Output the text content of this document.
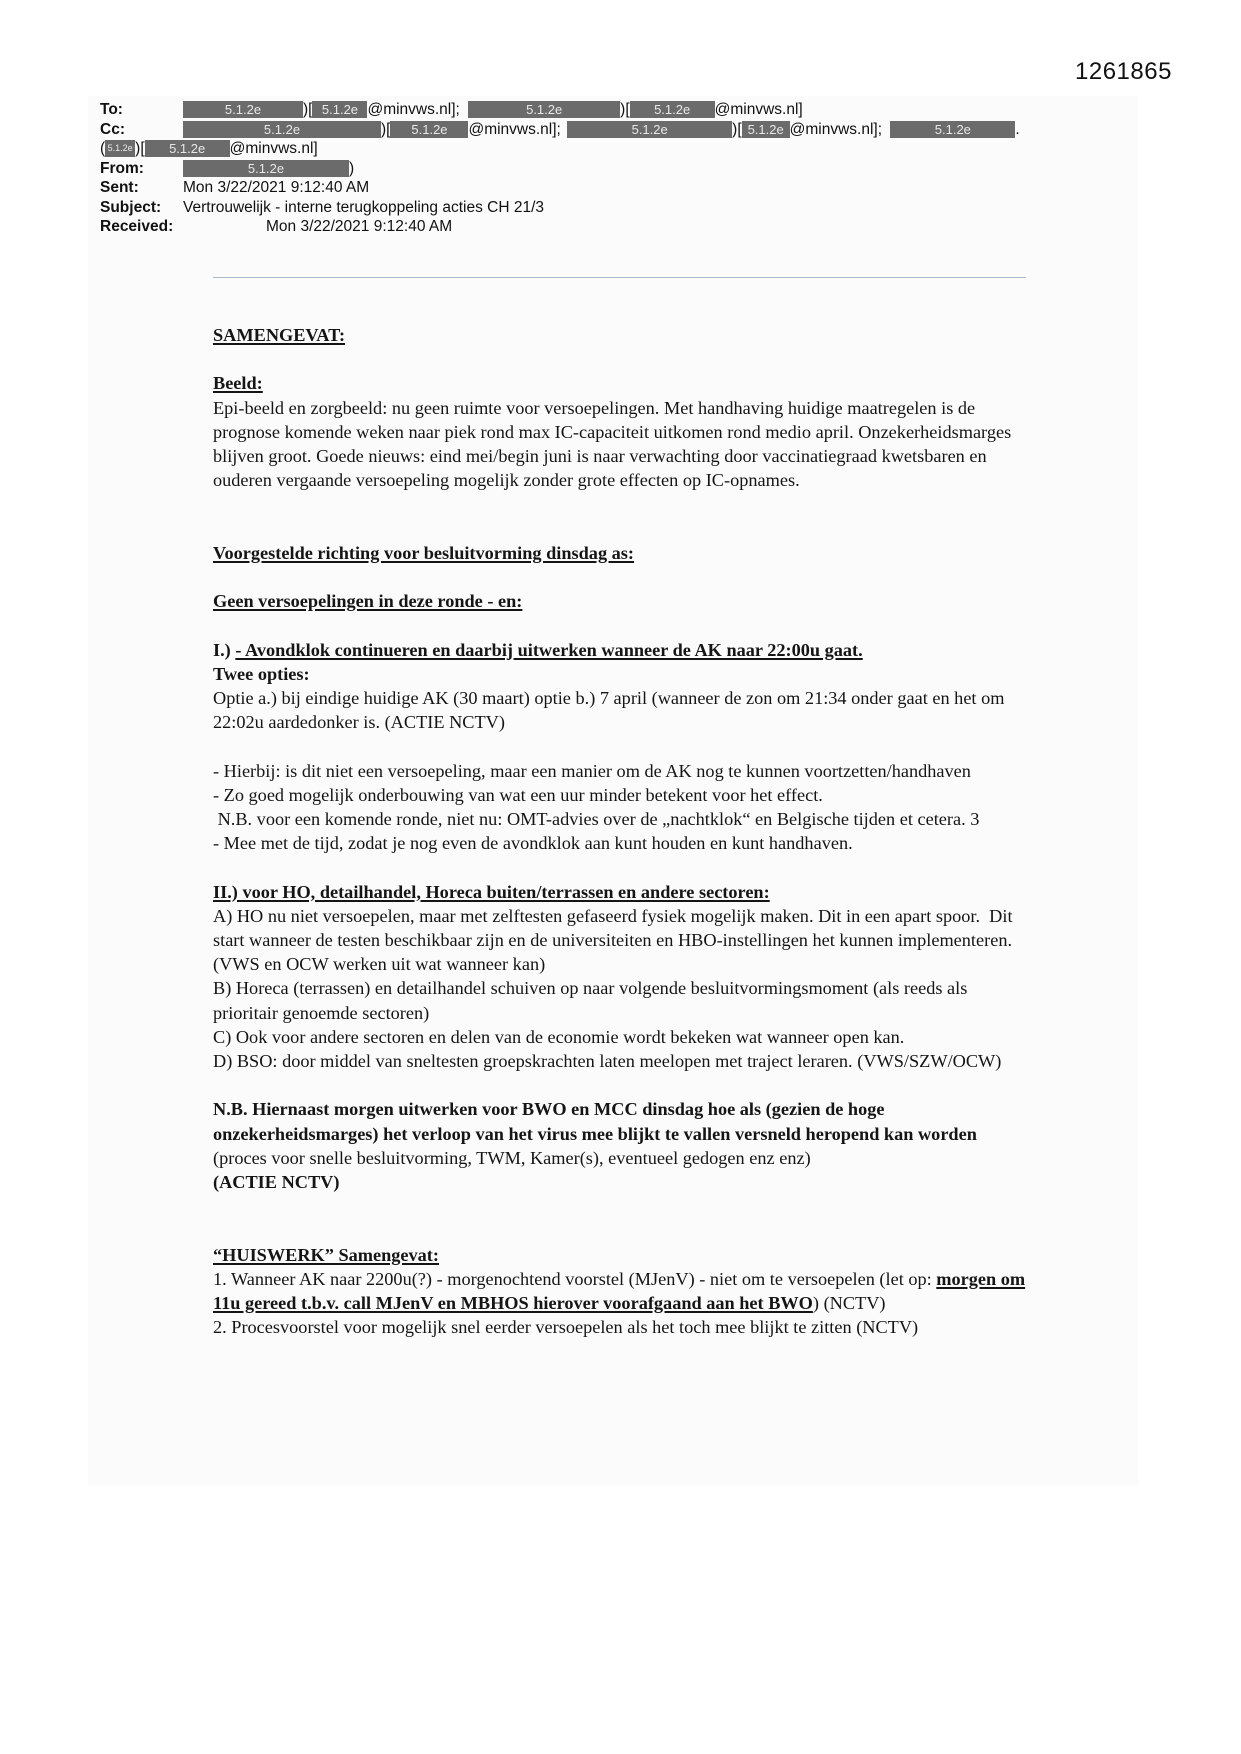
1261865
To:	5.1.2e	)[ 5.1.2e @minvws.nl];	5.1.2e	)[ 5.1.2e @minvws.nl]
Cc:	5.1.2e	)[ 5.1.2e @minvws.nl];	5.1.2e	)[ 5.1.2e @minvws.nl];	5.1.2e	.
( 5.1.2e )[ 5.1.2e @minvws.nl]
From:	5.1.2e	)
Sent:	Mon 3/22/2021 9:12:40 AM
Subject: Vertrouwelijk - interne terugkoppeling acties CH 21/3
Received:	Mon 3/22/2021 9:12:40 AM

SAMENGEVAT:

Beeld:

Epi-beeld en zorgbeeld: nu geen ruimte voor versoepelingen. Met handhaving huidige maatregelen is de prognose komende weken naar piek rond max IC-capaciteit uitkomen rond medio april. Onzekerheidsmarges blijven groot. Goede nieuws: eind mei/begin juni is naar verwachting door vaccinatiegraad kwetsbaren en ouderen vergaande versoepeling mogelijk zonder grote effecten op IC-opnames.

Voorgestelde richting voor besluitvorming dinsdag as:

Geen versoepelingen in deze ronde - en:

I.) - Avondklok continueren en daarbij uitwerken wanneer de AK naar 22:00u gaat.

Twee opties:

Optie a.) bij eindige huidige AK (30 maart) optie b.) 7 april (wanneer de zon om 21:34 onder gaat en het om 22:02u aardedonker is. (ACTIE NCTV)

- Hierbij: is dit niet een versoepeling, maar een manier om de AK nog te kunnen voortzetten/handhaven

- Zo goed mogelijk onderbouwing van wat een uur minder betekent voor het effect.

N.B. voor een komende ronde, niet nu: OMT-advies over de „nachtklok“ en Belgische tijden et cetera. 3

- Mee met de tijd, zodat je nog even de avondklok aan kunt houden en kunt handhaven.

II.) voor HO, detailhandel, Horeca buiten/terrassen en andere sectoren:

A) HO nu niet versoepelen, maar met zelftesten gefaseerd fysiek mogelijk maken. Dit in een apart spoor.  Dit start wanneer de testen beschikbaar zijn en de universiteiten en HBO-instellingen het kunnen implementeren. (VWS en OCW werken uit wat wanneer kan)

B) Horeca (terrassen) en detailhandel schuiven op naar volgende besluitvormingsmoment (als reeds als prioritair genoemde sectoren)

C) Ook voor andere sectoren en delen van de economie wordt bekeken wat wanneer open kan.

D) BSO: door middel van sneltesten groepskrachten laten meelopen met traject leraren. (VWS/SZW/OCW)

N.B. Hiernaast morgen uitwerken voor BWO en MCC dinsdag hoe als (gezien de hoge onzekerheidsmarges) het verloop van het virus mee blijkt te vallen versneld heropend kan worden (proces voor snelle besluitvorming, TWM, Kamer(s), eventueel gedogen enz enz)

(ACTIE NCTV)

“HUISWERK” Samengevat:

1. Wanneer AK naar 2200u(?) - morgenochtend voorstel (MJenV) - niet om te versoepelen (let op: morgen om 11u gereed t.b.v. call MJenV en MBHOS hierover voorafgaand aan het BWO) (NCTV)

2. Procesvoorstel voor mogelijk snel eerder versoepelen als het toch mee blijkt te zitten (NCTV)
